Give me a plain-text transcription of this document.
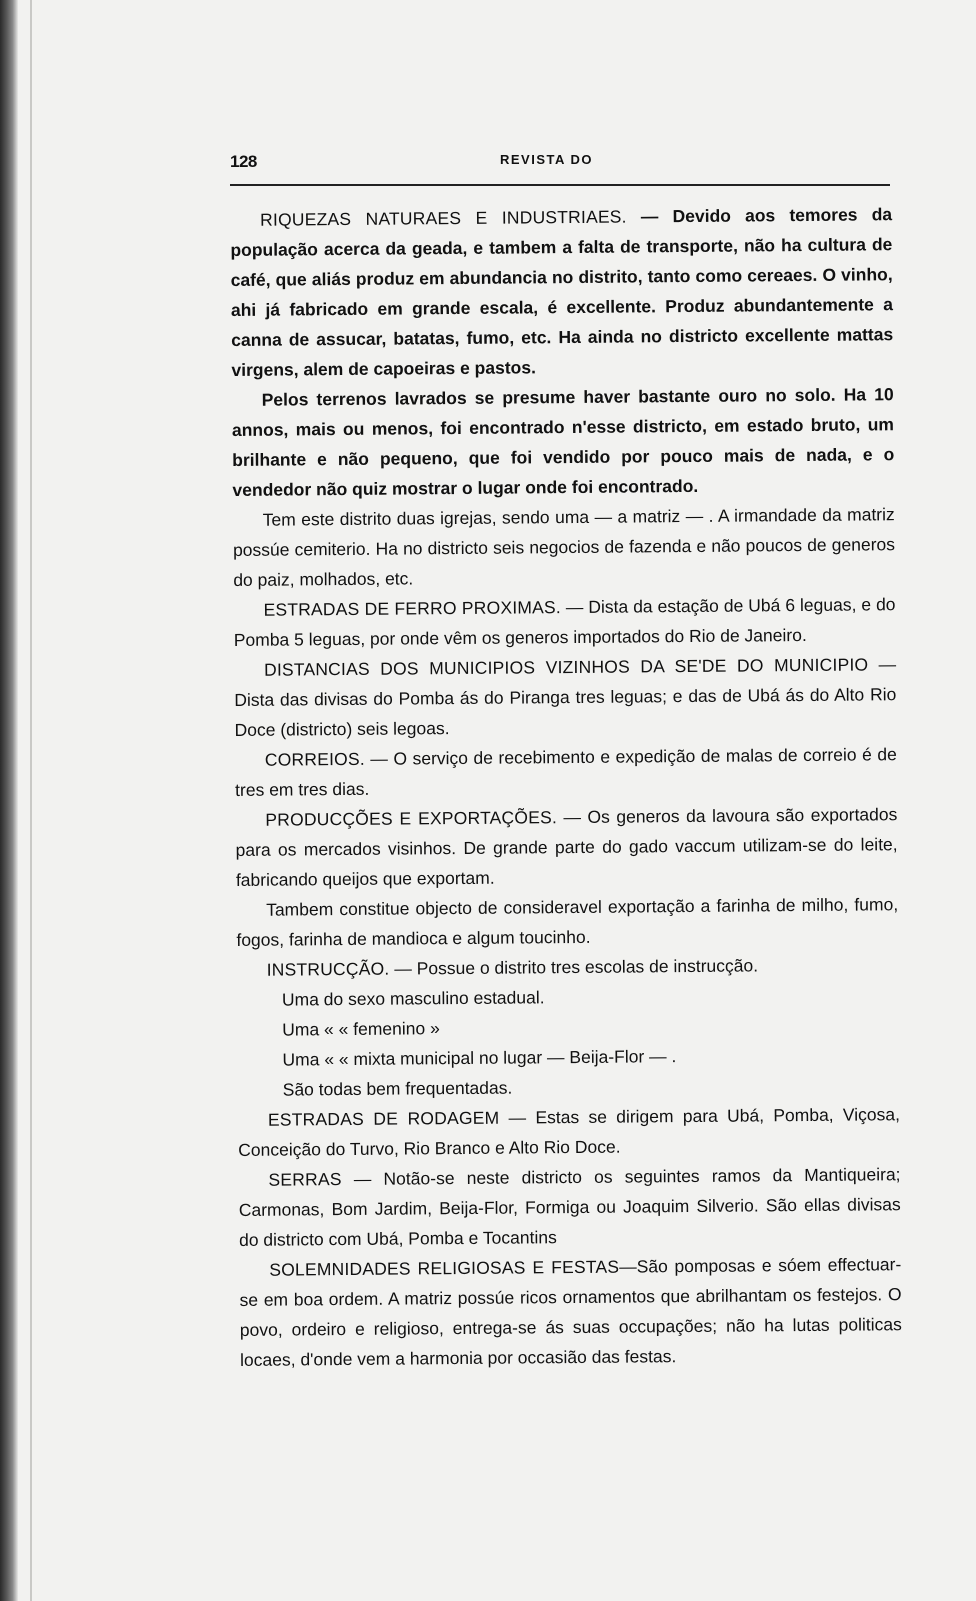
128	REVISTA DO

RIQUEZAS NATURAES E INDUSTRIAES. — Devido aos temores da população acerca da geada, e tambem a falta de transporte, não ha cultura de café, que aliás produz em abundancia no distrito, tanto como cereaes. O vinho, ahi já fabricado em grande escala, é excellente. Produz abundantemente a canna de assucar, batatas, fumo, etc. Ha ainda no districto excellente mattas virgens, alem de capoeiras e pastos.

Pelos terrenos lavrados se presume haver bastante ouro no solo. Ha 10 annos, mais ou menos, foi encontrado n'esse districto, em estado bruto, um brilhante e não pequeno, que foi vendido por pouco mais de nada, e o vendedor não quiz mostrar o lugar onde foi encontrado.

Tem este distrito duas igrejas, sendo uma — a matriz — . A irmandade da matriz possúe cemiterio. Ha no districto seis negocios de fazenda e não poucos de generos do paiz, molhados, etc.

ESTRADAS DE FERRO PROXIMAS. — Dista da estação de Ubá 6 leguas, e do Pomba 5 leguas, por onde vêm os generos importados do Rio de Janeiro.

DISTANCIAS DOS MUNICIPIOS VIZINHOS DA SE'DE DO MUNICIPIO — Dista das divisas do Pomba ás do Piranga tres leguas; e das de Ubá ás do Alto Rio Doce (districto) seis legoas.

CORREIOS. — O serviço de recebimento e expedição de malas de correio é de tres em tres dias.

PRODUCÇÕES E EXPORTAÇÕES. — Os generos da lavoura são exportados para os mercados visinhos. De grande parte do gado vaccum utilizam-se do leite, fabricando queijos que exportam.

Tambem constitue objecto de consideravel exportação a farinha de milho, fumo, fogos, farinha de mandioca e algum toucinho.

INSTRUCÇÃO. — Possue o distrito tres escolas de instrucção.

Uma do sexo masculino estadual.

Uma « « femenino »

Uma « « mixta municipal no lugar — Beija-Flor — .

São todas bem frequentadas.

ESTRADAS DE RODAGEM — Estas se dirigem para Ubá, Pomba, Viçosa, Conceição do Turvo, Rio Branco e Alto Rio Doce.

SERRAS — Notão-se neste districto os seguintes ramos da Mantiqueira; Carmonas, Bom Jardim, Beija-Flor, Formiga ou Joaquim Silverio. São ellas divisas do districto com Ubá, Pomba e Tocantins

SOLEMNIDADES RELIGIOSAS E FESTAS—São pomposas e sóem effectuar-se em boa ordem. A matriz possúe ricos ornamentos que abrilhantam os festejos. O povo, ordeiro e religioso, entrega-se ás suas occupações; não ha lutas politicas locaes, d'onde vem a harmonia por occasião das festas.
